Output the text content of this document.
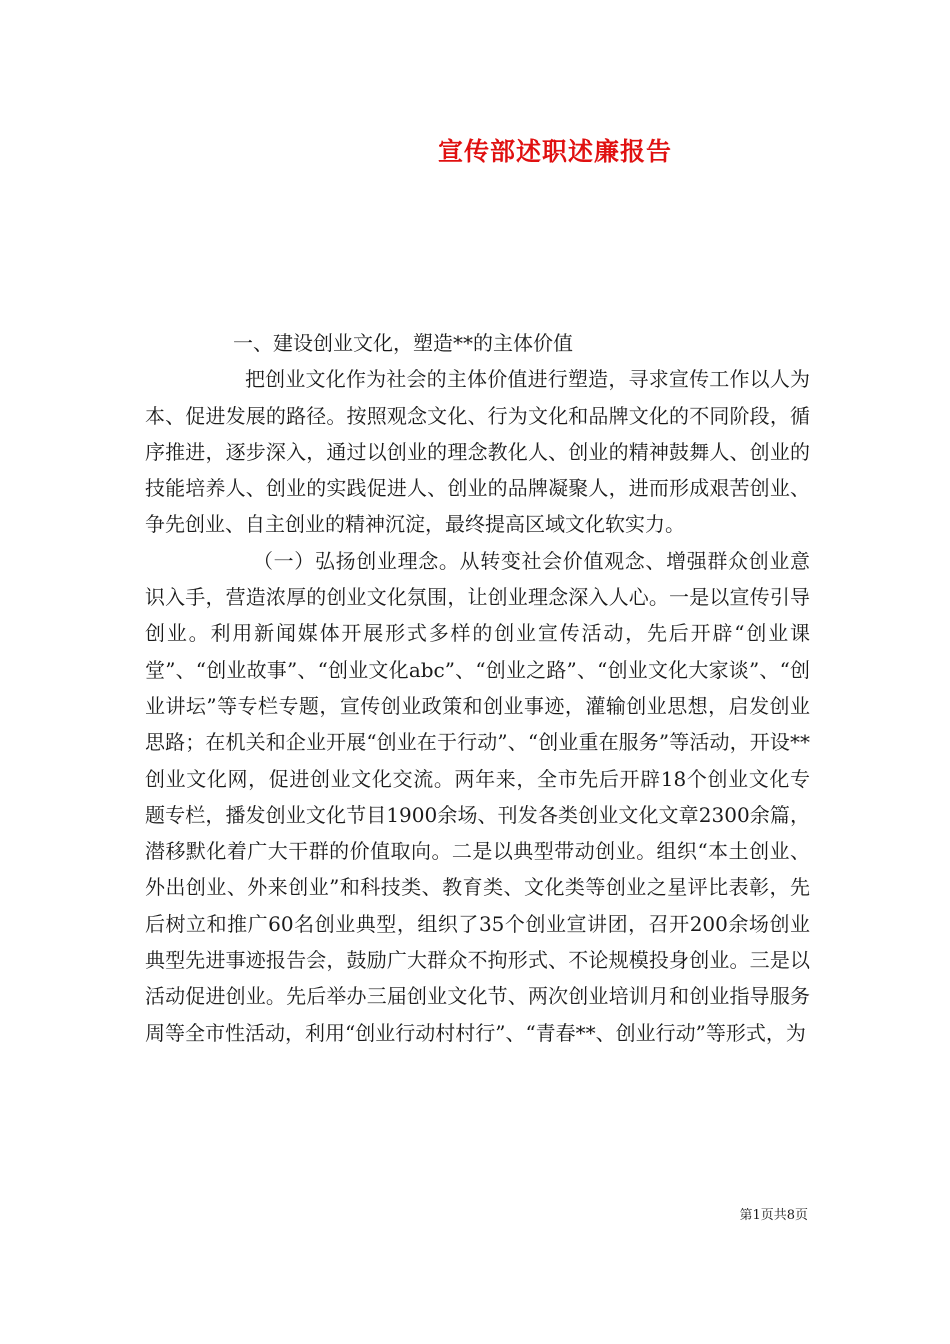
宣传部述职述廉报告

一、建设创业文化，塑造**的主体价值

把创业文化作为社会的主体价值进行塑造，寻求宣传工作以人为本、促进发展的路径。按照观念文化、行为文化和品牌文化的不同阶段，循序推进，逐步深入，通过以创业的理念教化人、创业的精神鼓舞人、创业的技能培养人、创业的实践促进人、创业的品牌凝聚人，进而形成艰苦创业、争先创业、自主创业的精神沉淀，最终提高区域文化软实力。

（一）弘扬创业理念。从转变社会价值观念、增强群众创业意识入手，营造浓厚的创业文化氛围，让创业理念深入人心。一是以宣传引导创业。利用新闻媒体开展形式多样的创业宣传活动，先后开辟“创业课堂”、“创业故事”、“创业文化abc”、“创业之路”、“创业文化大家谈”、“创业讲坛”等专栏专题，宣传创业政策和创业事迹，灌输创业思想，启发创业思路；在机关和企业开展“创业在于行动”、“创业重在服务”等活动，开设**创业文化网，促进创业文化交流。两年来，全市先后开辟18个创业文化专题专栏，播发创业文化节目1900余场、刊发各类创业文化文章2300余篇，潜移默化着广大干群的价值取向。二是以典型带动创业。组织“本土创业、外出创业、外来创业”和科技类、教育类、文化类等创业之星评比表彰，先后树立和推广60名创业典型，组织了35个创业宣讲团，召开200余场创业典型先进事迹报告会，鼓励广大群众不拘形式、不论规模投身创业。三是以活动促进创业。先后举办三届创业文化节、两次创业培训月和创业指导服务周等全市性活动，利用“创业行动村村行”、“青春**、创业行动”等形式，为

第1页共8页
